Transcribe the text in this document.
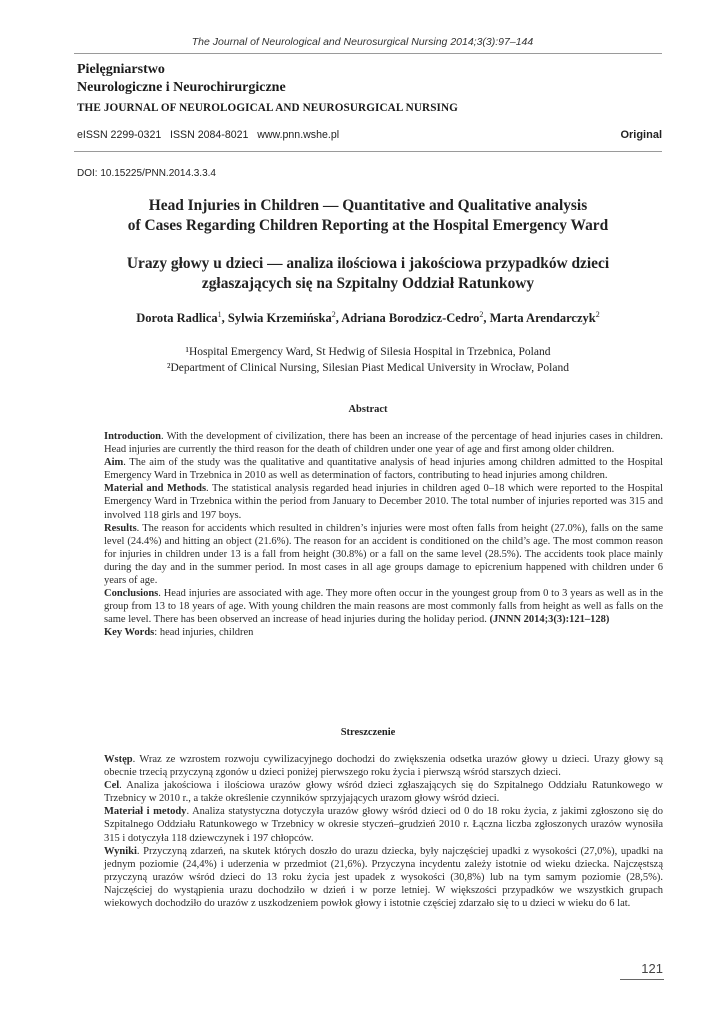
The Journal of Neurological and Neurosurgical Nursing 2014;3(3):97–144
Pielęgniarstwo
Neurologiczne i Neurochirurgiczne
THE JOURNAL OF NEUROLOGICAL AND NEUROSURGICAL NURSING
eISSN 2299-0321   ISSN 2084-8021   www.pnn.wshe.pl	Original
DOI: 10.15225/PNN.2014.3.3.4
Head Injuries in Children — Quantitative and Qualitative analysis
of Cases Regarding Children Reporting at the Hospital Emergency Ward
Urazy głowy u dzieci — analiza ilościowa i jakościowa przypadków dzieci
zgłaszających się na Szpitalny Oddział Ratunkowy
Dorota Radlica$^1$, Sylwia Krzemińska$^2$, Adriana Borodzicz-Cedro$^2$, Marta Arendarczyk$^2$
¹Hospital Emergency Ward, St Hedwig of Silesia Hospital in Trzebnica, Poland
²Department of Clinical Nursing, Silesian Piast Medical University in Wrocław, Poland
Abstract

Introduction. With the development of civilization, there has been an increase of the percentage of head injuries cases in children. Head injuries are currently the third reason for the death of children under one year of age and first among older children.

Aim. The aim of the study was the qualitative and quantitative analysis of head injuries among children admitted to the Hospital Emergency Ward in Trzebnica in 2010 as well as determination of factors, contributing to head injuries among children.

Material and Methods. The statistical analysis regarded head injuries in children aged 0–18 which were reported to the Hospital Emergency Ward in Trzebnica within the period from January to December 2010. The total number of injuries reported was 315 and involved 118 girls and 197 boys.

Results. The reason for accidents which resulted in children’s injuries were most often falls from height (27.0%), falls on the same level (24.4%) and hitting an object (21.6%). The reason for an accident is conditioned on the child’s age. The most common reason for injuries in children under 13 is a fall from height (30.8%) or a fall on the same level (28.5%). The accidents took place mainly during the day and in the summer period. In most cases in all age groups damage to epicrenium happened with children under 6 years of age.

Conclusions. Head injuries are associated with age. They more often occur in the youngest group from 0 to 3 years as well as in the group from 13 to 18 years of age. With young children the main reasons are most commonly falls from height as well as falls on the same level. There has been observed an increase of head injuries during the holiday period. (JNNN 2014;3(3):121–128)

Key Words: head injuries, children

Streszczenie

Wstęp. Wraz ze wzrostem rozwoju cywilizacyjnego dochodzi do zwiększenia odsetka urazów głowy u dzieci. Urazy głowy są obecnie trzecią przyczyną zgonów u dzieci poniżej pierwszego roku życia i pierwszą wśród starszych dzieci.

Cel. Analiza jakościowa i ilościowa urazów głowy wśród dzieci zgłaszających się do Szpitalnego Oddziału Ratunkowego w Trzebnicy w 2010 r., a także określenie czynników sprzyjających urazom głowy wśród dzieci.

Materiał i metody. Analiza statystyczna dotyczyła urazów głowy wśród dzieci od 0 do 18 roku życia, z jakimi zgłoszono się do Szpitalnego Oddziału Ratunkowego w Trzebnicy w okresie styczeń–grudzień 2010 r. Łączna liczba zgłoszonych urazów wynosiła 315 i dotyczyła 118 dziewczynek i 197 chłopców.

Wyniki. Przyczyną zdarzeń, na skutek których doszło do urazu dziecka, były najczęściej upadki z wysokości (27,0%), upadki na jednym poziomie (24,4%) i uderzenia w przedmiot (21,6%). Przyczyna incydentu zależy istotnie od wieku dziecka. Najczęstszą przyczyną urazów wśród dzieci do 13 roku życia jest upadek z wysokości (30,8%) lub na tym samym poziomie (28,5%). Najczęściej do wystąpienia urazu dochodziło w dzień i w porze letniej. W większości przypadków we wszystkich grupach wiekowych dochodziło do urazów z uszkodzeniem powłok głowy i istotnie częściej zdarzało się to u dzieci w wieku do 6 lat.

121
